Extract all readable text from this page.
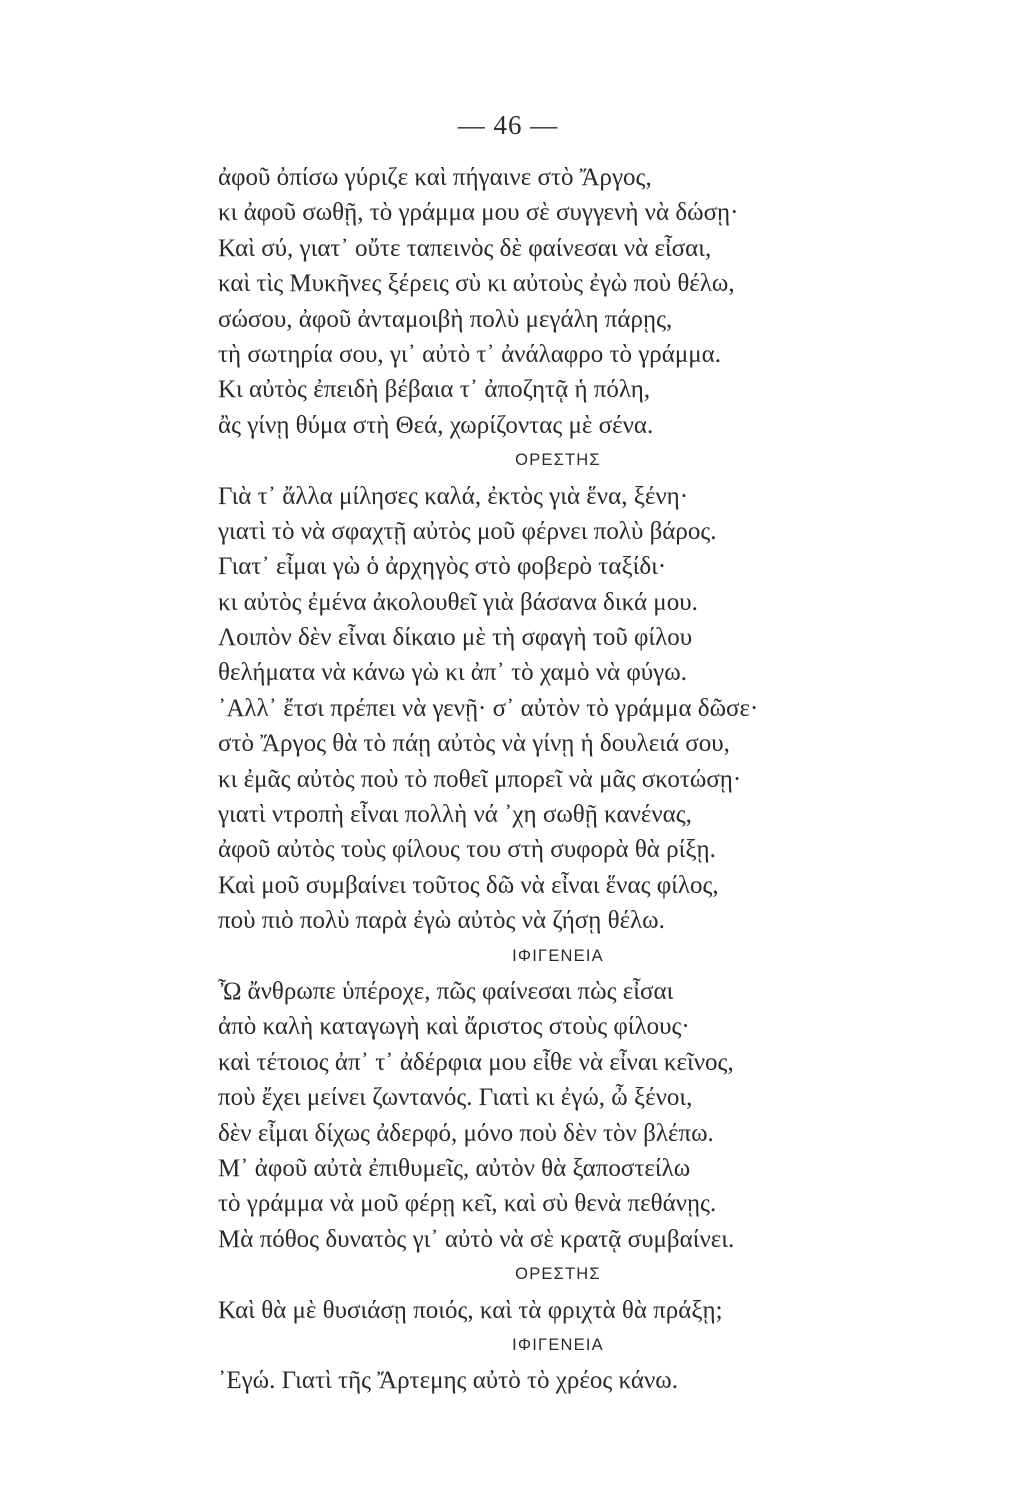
— 46 —
ἀφοῦ ὀπίσω γύριζε καὶ πήγαινε στὸ Ἄργος,
κι ἀφοῦ σωθῇ, τὸ γράμμα μου σὲ συγγενὴ νὰ δώσῃ·
Καὶ σύ, γιατ᾽ οὔτε ταπεινὸς δὲ φαίνεσαι νὰ εἶσαι,
καὶ τὶς Μυκῆνες ξέρεις σὺ κι αὐτοὺς ἐγὼ ποὺ θέλω,
σώσου, ἀφοῦ ἀνταμοιβὴ πολὺ μεγάλη πάρῃς,
τὴ σωτηρία σου, γι᾽ αὐτὸ τ᾽ ἀνάλαφρο τὸ γράμμα.
Κι αὐτὸς ἐπειδὴ βέβαια τ᾽ ἀποζητᾷ ἡ πόλη,
ἂς γίνῃ θύμα στὴ Θεά, χωρίζοντας μὲ σένα.
ΟΡΕΣΤΗΣ
Γιὰ τ᾽ ἄλλα μίλησες καλά, ἐκτὸς γιὰ ἕνα, ξένη·
γιατὶ τὸ νὰ σφαχτῇ αὐτὸς μοῦ φέρνει πολὺ βάρος.
Γιατ᾽ εἶμαι γὼ ὁ ἀρχηγὸς στὸ φοβερὸ ταξίδι·
κι αὐτὸς ἐμένα ἀκολουθεῖ γιὰ βάσανα δικά μου.
Λοιπὸν δὲν εἶναι δίκαιο μὲ τὴ σφαγὴ τοῦ φίλου
θελήματα νὰ κάνω γὼ κι ἀπ᾽ τὸ χαμὸ νὰ φύγω.
᾽Αλλ᾽ ἔτσι πρέπει νὰ γενῇ· σ᾽ αὐτὸν τὸ γράμμα δῶσε·
στὸ Ἄργος θὰ τὸ πάῃ αὐτὸς νὰ γίνῃ ἡ δουλειά σου,
κι ἐμᾶς αὐτὸς ποὺ τὸ ποθεῖ μπορεῖ νὰ μᾶς σκοτώσῃ·
γιατὶ ντροπὴ εἶναι πολλὴ νά ᾽χη σωθῇ κανένας,
ἀφοῦ αὐτὸς τοὺς φίλους του στὴ συφορὰ θὰ ρίξῃ.
Καὶ μοῦ συμβαίνει τοῦτος δῶ νὰ εἶναι ἕνας φίλος,
ποὺ πιὸ πολὺ παρὰ ἐγὼ αὐτὸς νὰ ζήσῃ θέλω.
ΙΦΙΓΕΝΕΙΑ
Ὦ ἄνθρωπε ὑπέροχε, πῶς φαίνεσαι πὼς εἶσαι
ἀπὸ καλὴ καταγωγὴ καὶ ἄριστος στοὺς φίλους·
καὶ τέτοιος ἀπ᾽ τ᾽ ἀδέρφια μου εἶθε νὰ εἶναι κεῖνος,
ποὺ ἔχει μείνει ζωντανός. Γιατὶ κι ἐγώ, ὦ ξένοι,
δὲν εἶμαι δίχως ἀδερφό, μόνο ποὺ δὲν τὸν βλέπω.
Μ᾽ ἀφοῦ αὐτὰ ἐπιθυμεῖς, αὐτὸν θὰ ξαποστείλω
τὸ γράμμα νὰ μοῦ φέρῃ κεῖ, καὶ σὺ θενὰ πεθάνῃς.
Μὰ πόθος δυνατὸς γι᾽ αὐτὸ νὰ σὲ κρατᾷ συμβαίνει.
ΟΡΕΣΤΗΣ
Καὶ θὰ μὲ θυσιάσῃ ποιός, καὶ τὰ φριχτὰ θὰ πράξῃ;
ΙΦΙΓΕΝΕΙΑ
᾽Εγώ. Γιατὶ τῆς Ἄρτεμης αὐτὸ τὸ χρέος κάνω.
